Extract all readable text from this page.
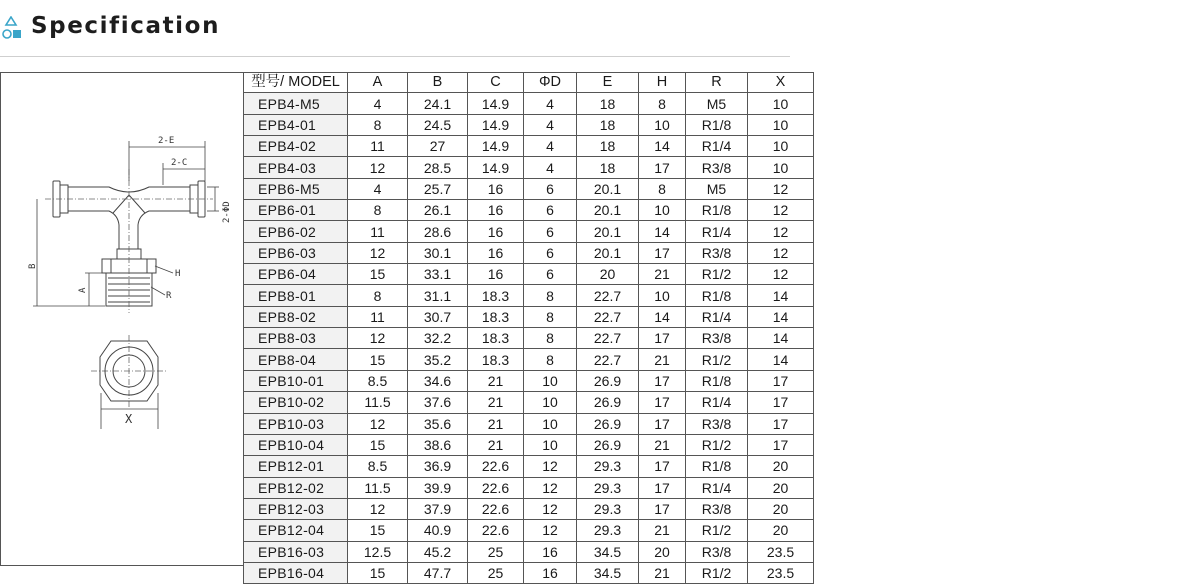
Specification
2-E
2-C
2-ΦD
B
A
H
R
X
型号/ MODEL	A	B	C	ΦD	E	H	R	X
EPB4-M5	4	24.1	14.9	4	18	8	M5	10
EPB4-01	8	24.5	14.9	4	18	10	R1/8	10
EPB4-02	11	27	14.9	4	18	14	R1/4	10
EPB4-03	12	28.5	14.9	4	18	17	R3/8	10
EPB6-M5	4	25.7	16	6	20.1	8	M5	12
EPB6-01	8	26.1	16	6	20.1	10	R1/8	12
EPB6-02	11	28.6	16	6	20.1	14	R1/4	12
EPB6-03	12	30.1	16	6	20.1	17	R3/8	12
EPB6-04	15	33.1	16	6	20	21	R1/2	12
EPB8-01	8	31.1	18.3	8	22.7	10	R1/8	14
EPB8-02	11	30.7	18.3	8	22.7	14	R1/4	14
EPB8-03	12	32.2	18.3	8	22.7	17	R3/8	14
EPB8-04	15	35.2	18.3	8	22.7	21	R1/2	14
EPB10-01	8.5	34.6	21	10	26.9	17	R1/8	17
EPB10-02	11.5	37.6	21	10	26.9	17	R1/4	17
EPB10-03	12	35.6	21	10	26.9	17	R3/8	17
EPB10-04	15	38.6	21	10	26.9	21	R1/2	17
EPB12-01	8.5	36.9	22.6	12	29.3	17	R1/8	20
EPB12-02	11.5	39.9	22.6	12	29.3	17	R1/4	20
EPB12-03	12	37.9	22.6	12	29.3	17	R3/8	20
EPB12-04	15	40.9	22.6	12	29.3	21	R1/2	20
EPB16-03	12.5	45.2	25	16	34.5	20	R3/8	23.5
EPB16-04	15	47.7	25	16	34.5	21	R1/2	23.5
